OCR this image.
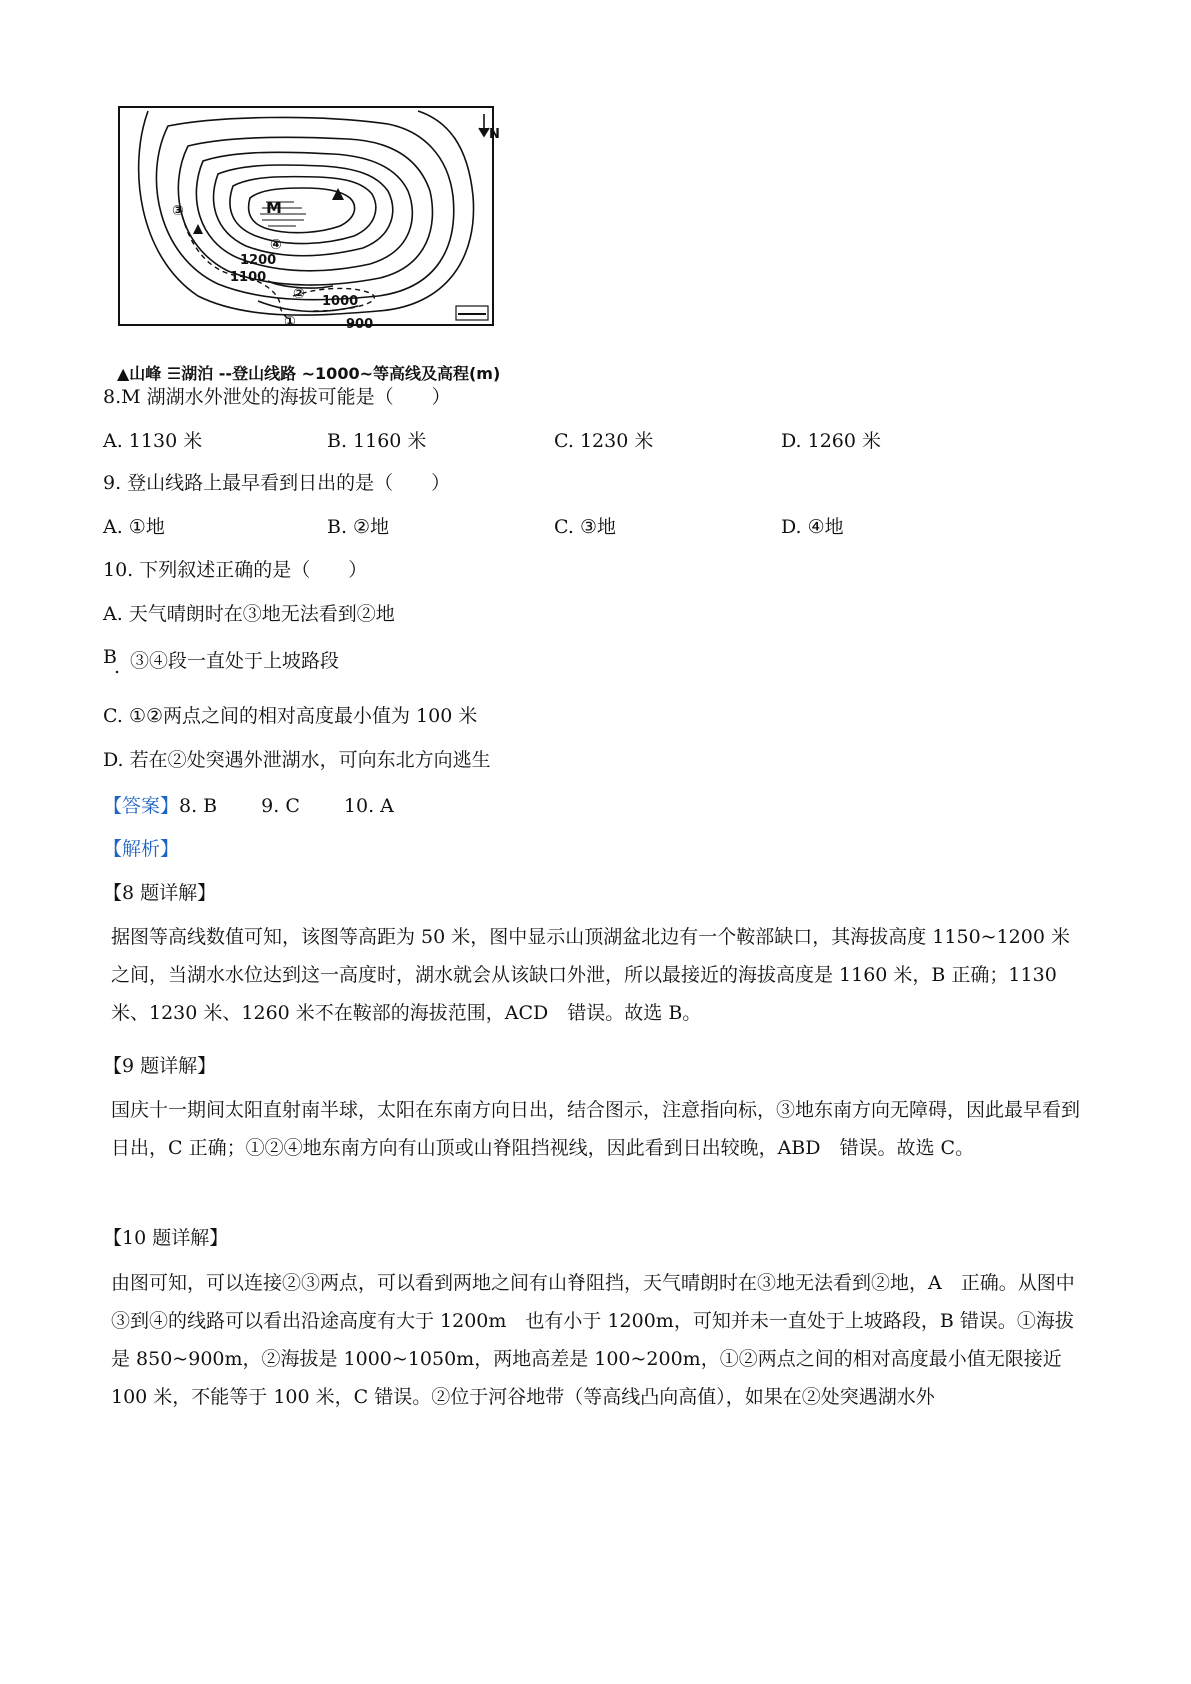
N
M
③
④
1200
1100
② 1000
①	900
▲山峰 ☰湖泊 --登山线路 ~1000~等高线及高程(m)
8.M 湖湖水外泄处的海拔可能是（　　）
A. 1130 米	B. 1160 米	C. 1230 米	D. 1260 米
9. 登山线路上最早看到日出的是（　　）
A. ①地	B. ②地	C. ③地	D. ④地
10. 下列叙述正确的是（　　）
A. 天气晴朗时在③地无法看到②地
B
. ③④段一直处于上坡路段
C. ①②两点之间的相对高度最小值为 100 米
D. 若在②处突遇外泄湖水，可向东北方向逃生
【答案】8. B　　 9. C　　 10. A
【解析】
【8 题详解】
据图等高线数值可知，该图等高距为 50 米，图中显示山顶湖盆北边有一个鞍部缺口，其海拔高度 1150~1200 米之间，当湖水水位达到这一高度时，湖水就会从该缺口外泄，所以最接近的海拔高度是 1160 米，B 正确；1130 米、1230 米、1260 米不在鞍部的海拔范围，ACD　错误。故选 B。
【9 题详解】
国庆十一期间太阳直射南半球，太阳在东南方向日出，结合图示，注意指向标，③地东南方向无障碍，因此最早看到日出，C 正确；①②④地东南方向有山顶或山脊阻挡视线，因此看到日出较晚，ABD　错误。故选 C。
【10 题详解】
由图可知，可以连接②③两点，可以看到两地之间有山脊阻挡，天气晴朗时在③地无法看到②地，A　正确。从图中③到④的线路可以看出沿途高度有大于 1200m　也有小于 1200m，可知并未一直处于上坡路段，B 错误。①海拔是 850~900m，②海拔是 1000~1050m，两地高差是 100~200m，①②两点之间的相对高度最小值无限接近 100 米，不能等于 100 米，C 错误。②位于河谷地带（等高线凸向高值），如果在②处突遇湖水外
